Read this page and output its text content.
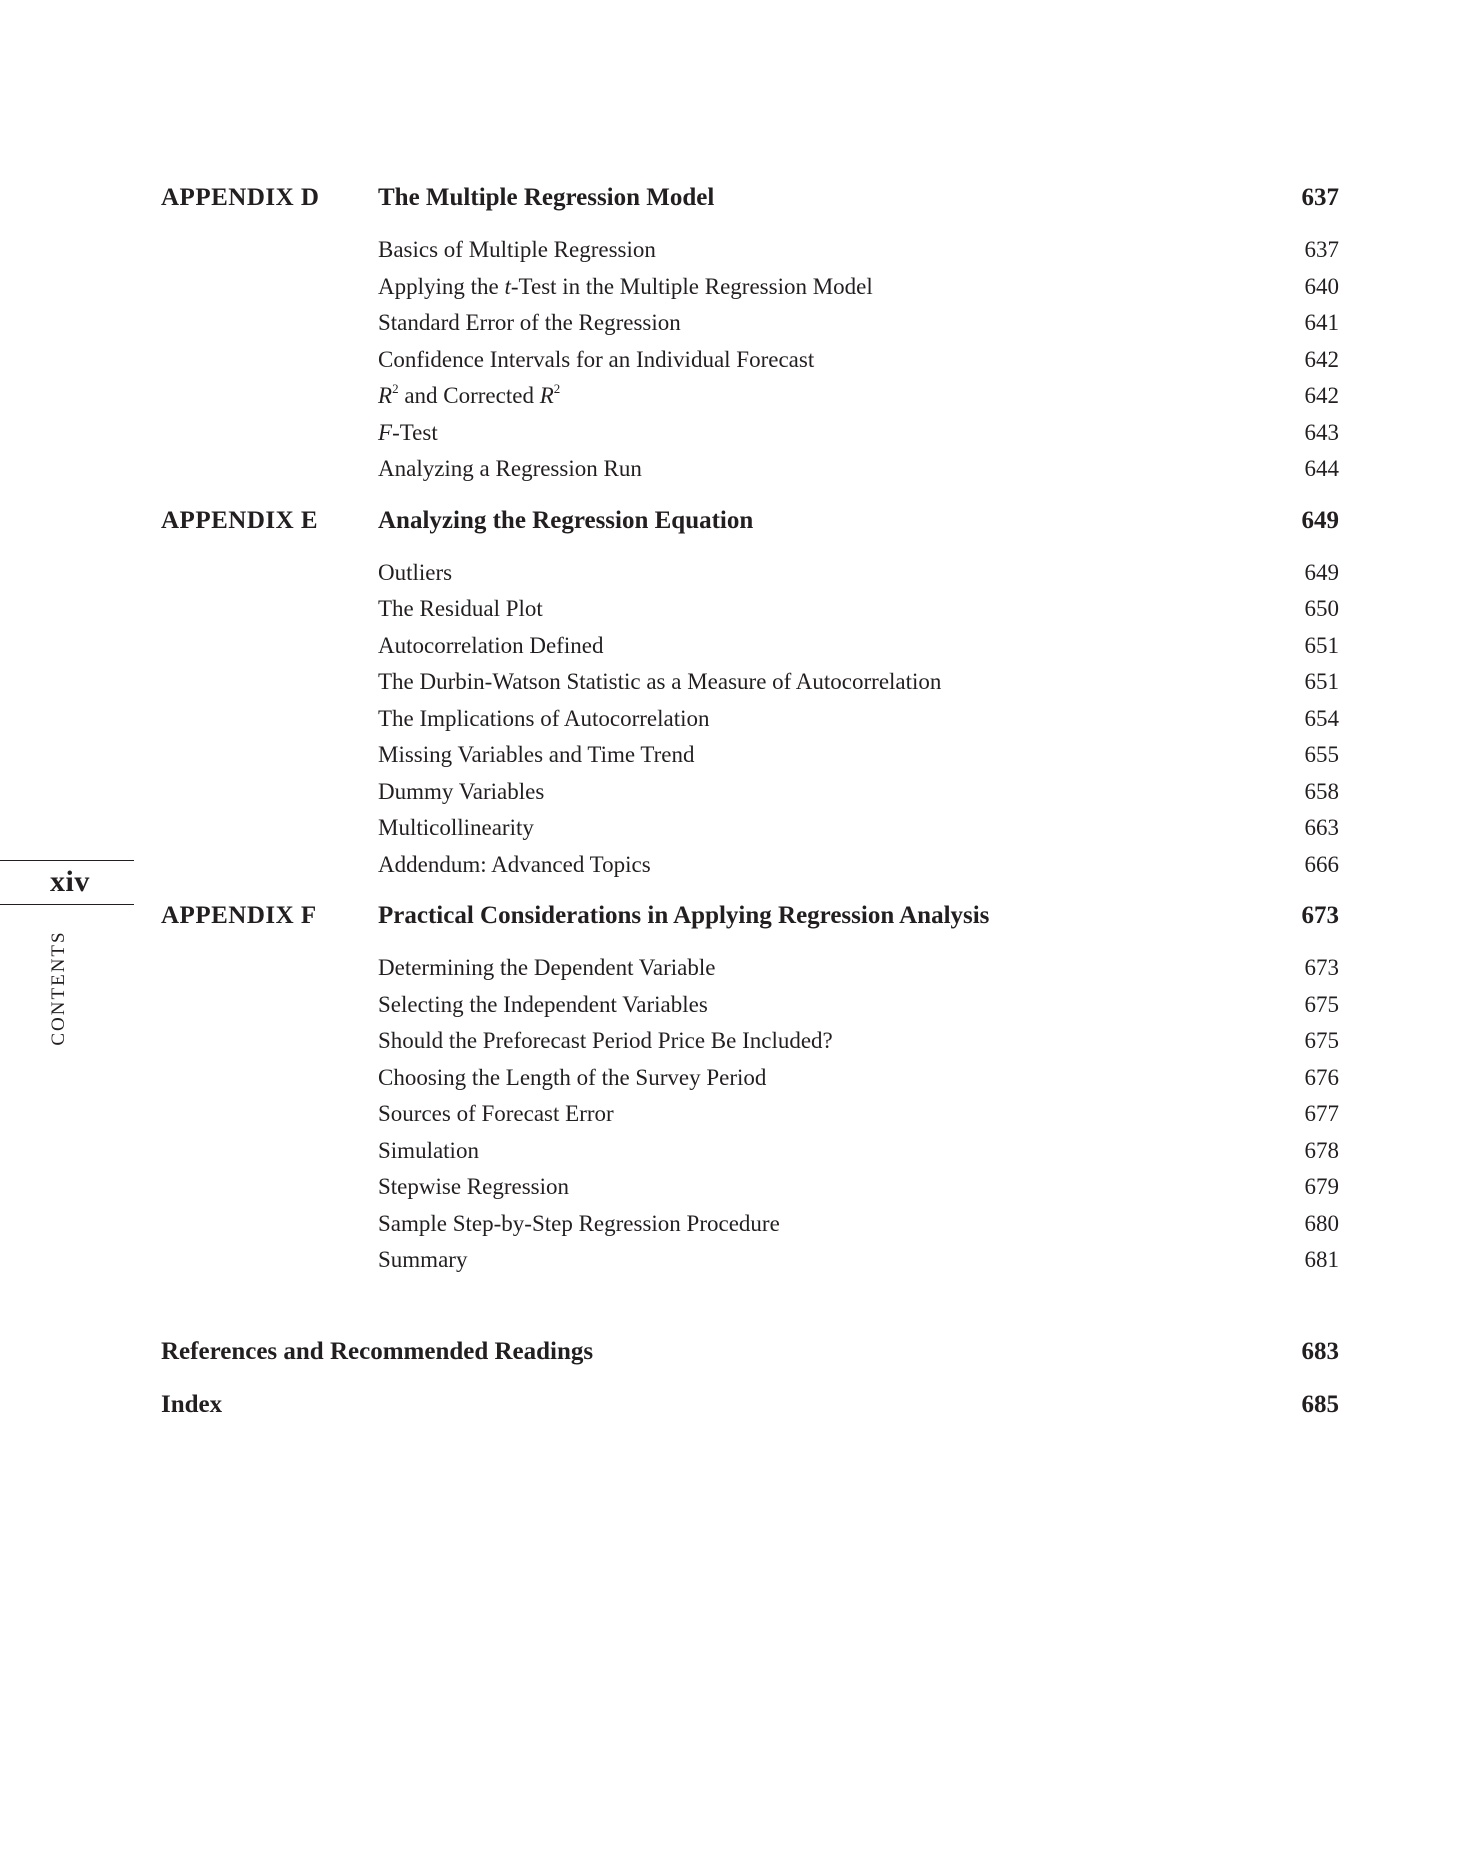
xiv
CONTENTS
APPENDIX D	The Multiple Regression Model	637
Basics of Multiple Regression	637
Applying the t-Test in the Multiple Regression Model	640
Standard Error of the Regression	641
Confidence Intervals for an Individual Forecast	642
$R^2$ and Corrected $R^2$	642
F-Test	643
Analyzing a Regression Run	644
APPENDIX E	Analyzing the Regression Equation	649
Outliers	649
The Residual Plot	650
Autocorrelation Defined	651
The Durbin-Watson Statistic as a Measure of Autocorrelation	651
The Implications of Autocorrelation	654
Missing Variables and Time Trend	655
Dummy Variables	658
Multicollinearity	663
Addendum: Advanced Topics	666
APPENDIX F	Practical Considerations in Applying Regression Analysis	673
Determining the Dependent Variable	673
Selecting the Independent Variables	675
Should the Preforecast Period Price Be Included?	675
Choosing the Length of the Survey Period	676
Sources of Forecast Error	677
Simulation	678
Stepwise Regression	679
Sample Step-by-Step Regression Procedure	680
Summary	681
References and Recommended Readings	683
Index	685
